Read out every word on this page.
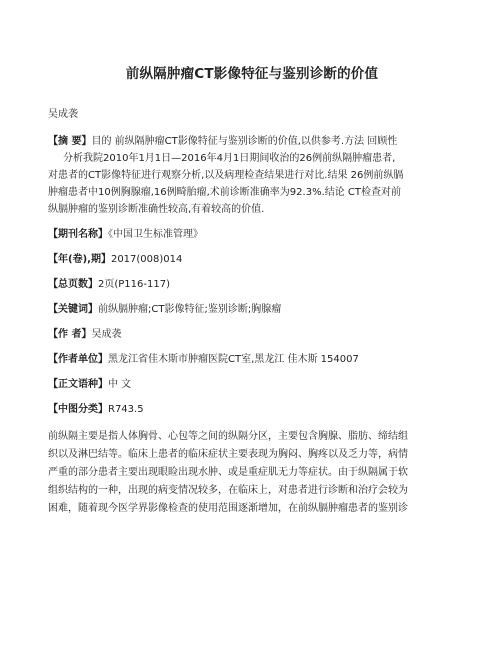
前纵隔肿瘤CT影像特征与鉴别诊断的价值
吴成袭
【摘 要】目的 前纵隔肿瘤CT影像特征与鉴别诊断的价值,以供参考.方法 回顾性
分析我院2010年1月1日—2016年4月1日期间收治的26例前纵隔肿瘤患者,
对患者的CT影像特征进行观察分析,以及病理检查结果进行对比.结果 26例前纵膈
肿瘤患者中10例胸腺瘤,16例畸胎瘤,术前诊断准确率为92.3%.结论 CT检查对前
纵膈肿瘤的鉴别诊断准确性较高,有着较高的价值.
【期刊名称】《中国卫生标准管理》
【年(卷),期】2017(008)014
【总页数】2页(P116-117)
【关键词】前纵膈肿瘤;CT影像特征;鉴别诊断;胸腺瘤
【作 者】吴成袭
【作者单位】黑龙江省佳木斯市肿瘤医院CT室,黑龙江 佳木斯 154007
【正文语种】中 文
【中图分类】R743.5
前纵隔主要是指人体胸骨、心包等之间的纵隔分区，主要包含胸腺、脂肪、缔结组
织以及淋巴结等。临床上患者的临床症状主要表现为胸闷、胸疼以及乏力等，病情
严重的部分患者主要出现眼睑出现水肿、或是重症肌无力等症状。由于纵隔属于软
组织结构的一种，出现的病变情况较多，在临床上，对患者进行诊断和治疗会较为
困难，随着现今医学界影像检查的使用范围逐渐增加，在前纵膈肿瘤患者的鉴别诊
